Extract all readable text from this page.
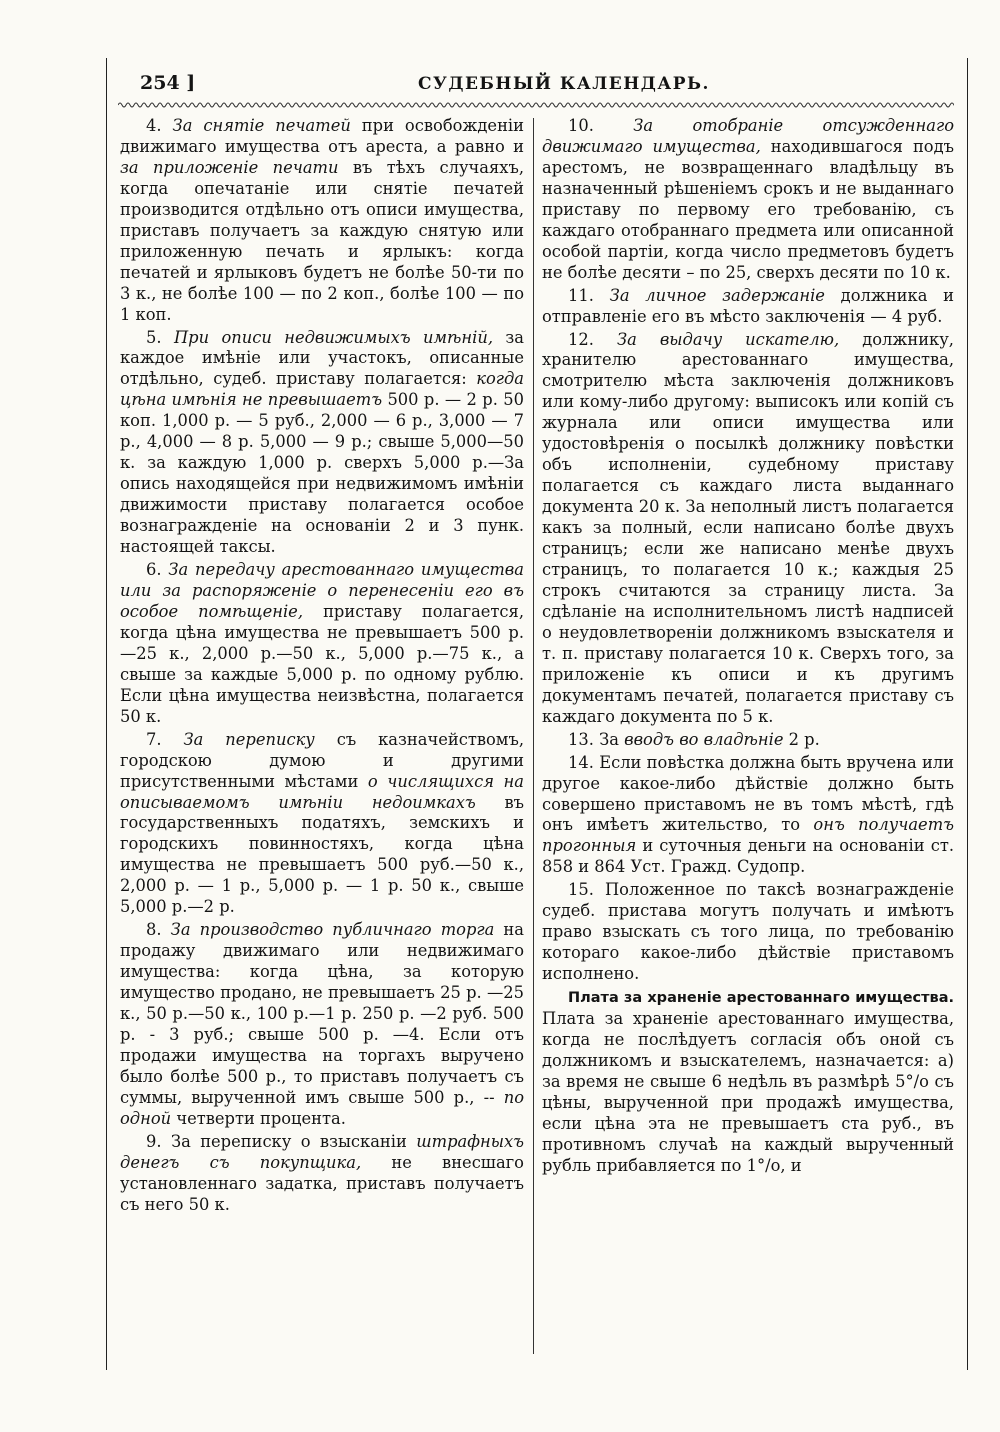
254 ]	СУДЕБНЫЙ КАЛЕНДАРЬ.

4. За снятіе печатей при освобожденіи движимаго имущества отъ ареста, а равно и за приложеніе печати въ тѣхъ случаяхъ, когда опечатаніе или снятіе печатей производится отдѣльно отъ описи имущества, приставъ получаетъ за каждую снятую или приложенную печать и ярлыкъ: когда печатей и ярлыковъ будетъ не болѣе 50-ти по 3 к., не болѣе 100 — по 2 коп., болѣе 100 — по 1 коп.

5. При описи недвижимыхъ имѣній, за каждое имѣніе или участокъ, описанные отдѣльно, судеб. приставу полагается: когда цѣна имѣнія не превышаетъ 500 р. — 2 р. 50 коп. 1,000 р. — 5 руб., 2,000 — 6 р., 3,000 — 7 р., 4,000 — 8 р. 5,000 — 9 р.; свыше 5,000—50 к. за каждую 1,000 р. сверхъ 5,000 р.—За опись находящейся при недвижимомъ имѣніи движимости приставу полагается особое вознагражденіе на основаніи 2 и 3 пунк. настоящей таксы.

6. За передачу арестованнаго имущества или за распоряженіе о перенесеніи его въ особое помѣщеніе, приставу полагается, когда цѣна имущества не превышаетъ 500 р.—25 к., 2,000 р.—50 к., 5,000 р.—75 к., а свыше за каждые 5,000 р. по одному рублю. Если цѣна имущества неизвѣстна, полагается 50 к.

7. За переписку съ казначействомъ, городскою думою и другими присутственными мѣстами о числящихся на описываемомъ имѣніи недоимкахъ въ государственныхъ податяхъ, земскихъ и городскихъ повинностяхъ, когда цѣна имущества не превышаетъ 500 руб.—50 к., 2,000 р. — 1 р., 5,000 р. — 1 р. 50 к., свыше 5,000 р.—2 р.

8. За производство публичнаго торга на продажу движимаго или недвижимаго имущества: когда цѣна, за которую имущество продано, не превышаетъ 25 р. —25 к., 50 р.—50 к., 100 р.—1 р. 250 р. —2 руб. 500 р. - 3 руб.; свыше 500 р. —4. Если отъ продажи имущества на торгахъ выручено было болѣе 500 р., то приставъ получаетъ съ суммы, вырученной имъ свыше 500 р., -- по одной четверти процента.

9. За переписку о взысканіи штрафныхъ денегъ съ покупщика, не внесшаго установленнаго задатка, приставъ получаетъ съ него 50 к.

10. За отобраніе отсужденнаго движимаго имущества, находившагося подъ арестомъ, не возвращеннаго владѣльцу въ назначенный рѣшеніемъ срокъ и не выданнаго приставу по первому его требованію, съ каждаго отобраннаго предмета или описанной особой партіи, когда число предметовъ будетъ не болѣе десяти – по 25, сверхъ десяти по 10 к.

11. За личное задержаніе должника и отправленіе его въ мѣсто заключенія — 4 руб.

12. За выдачу искателю, должнику, хранителю арестованнаго имущества, смотрителю мѣста заключенія должниковъ или кому-либо другому: выписокъ или копій съ журнала или описи имущества или удостовѣренія о посылкѣ должнику повѣстки объ исполненіи, судебному приставу полагается съ каждаго листа выданнаго документа 20 к. За неполный листъ полагается какъ за полный, если написано болѣе двухъ страницъ; если же написано менѣе двухъ страницъ, то полагается 10 к.; каждыя 25 строкъ считаются за страницу листа. За сдѣланіе на исполнительномъ листѣ надписей о неудовлетвореніи должникомъ взыскателя и т. п. приставу полагается 10 к. Сверхъ того, за приложеніе къ описи и къ другимъ документамъ печатей, полагается приставу съ каждаго документа по 5 к.

13. За вводъ во владѣніе 2 р.

14. Если повѣстка должна быть вручена или другое какое-либо дѣйствіе должно быть совершено приставомъ не въ томъ мѣстѣ, гдѣ онъ имѣетъ жительство, то онъ получаетъ прогонныя и суточныя деньги на основаніи ст. 858 и 864 Уст. Гражд. Судопр.

15. Положенное по таксѣ вознагражденіе судеб. пристава могутъ получать и имѣютъ право взыскать съ того лица, по требованію котораго какое-либо дѣйствіе приставомъ исполнено.

Плата за храненіе арестованнаго имущества. Плата за храненіе арестованнаго имущества, когда не послѣдуетъ согласія объ оной съ должникомъ и взыскателемъ, назначается: а) за время не свыше 6 недѣль въ размѣрѣ 5°/о съ цѣны, вырученной при продажѣ имущества, если цѣна эта не превышаетъ ста руб., въ противномъ случаѣ на каждый вырученный рубль прибавляется по 1°/о, и
